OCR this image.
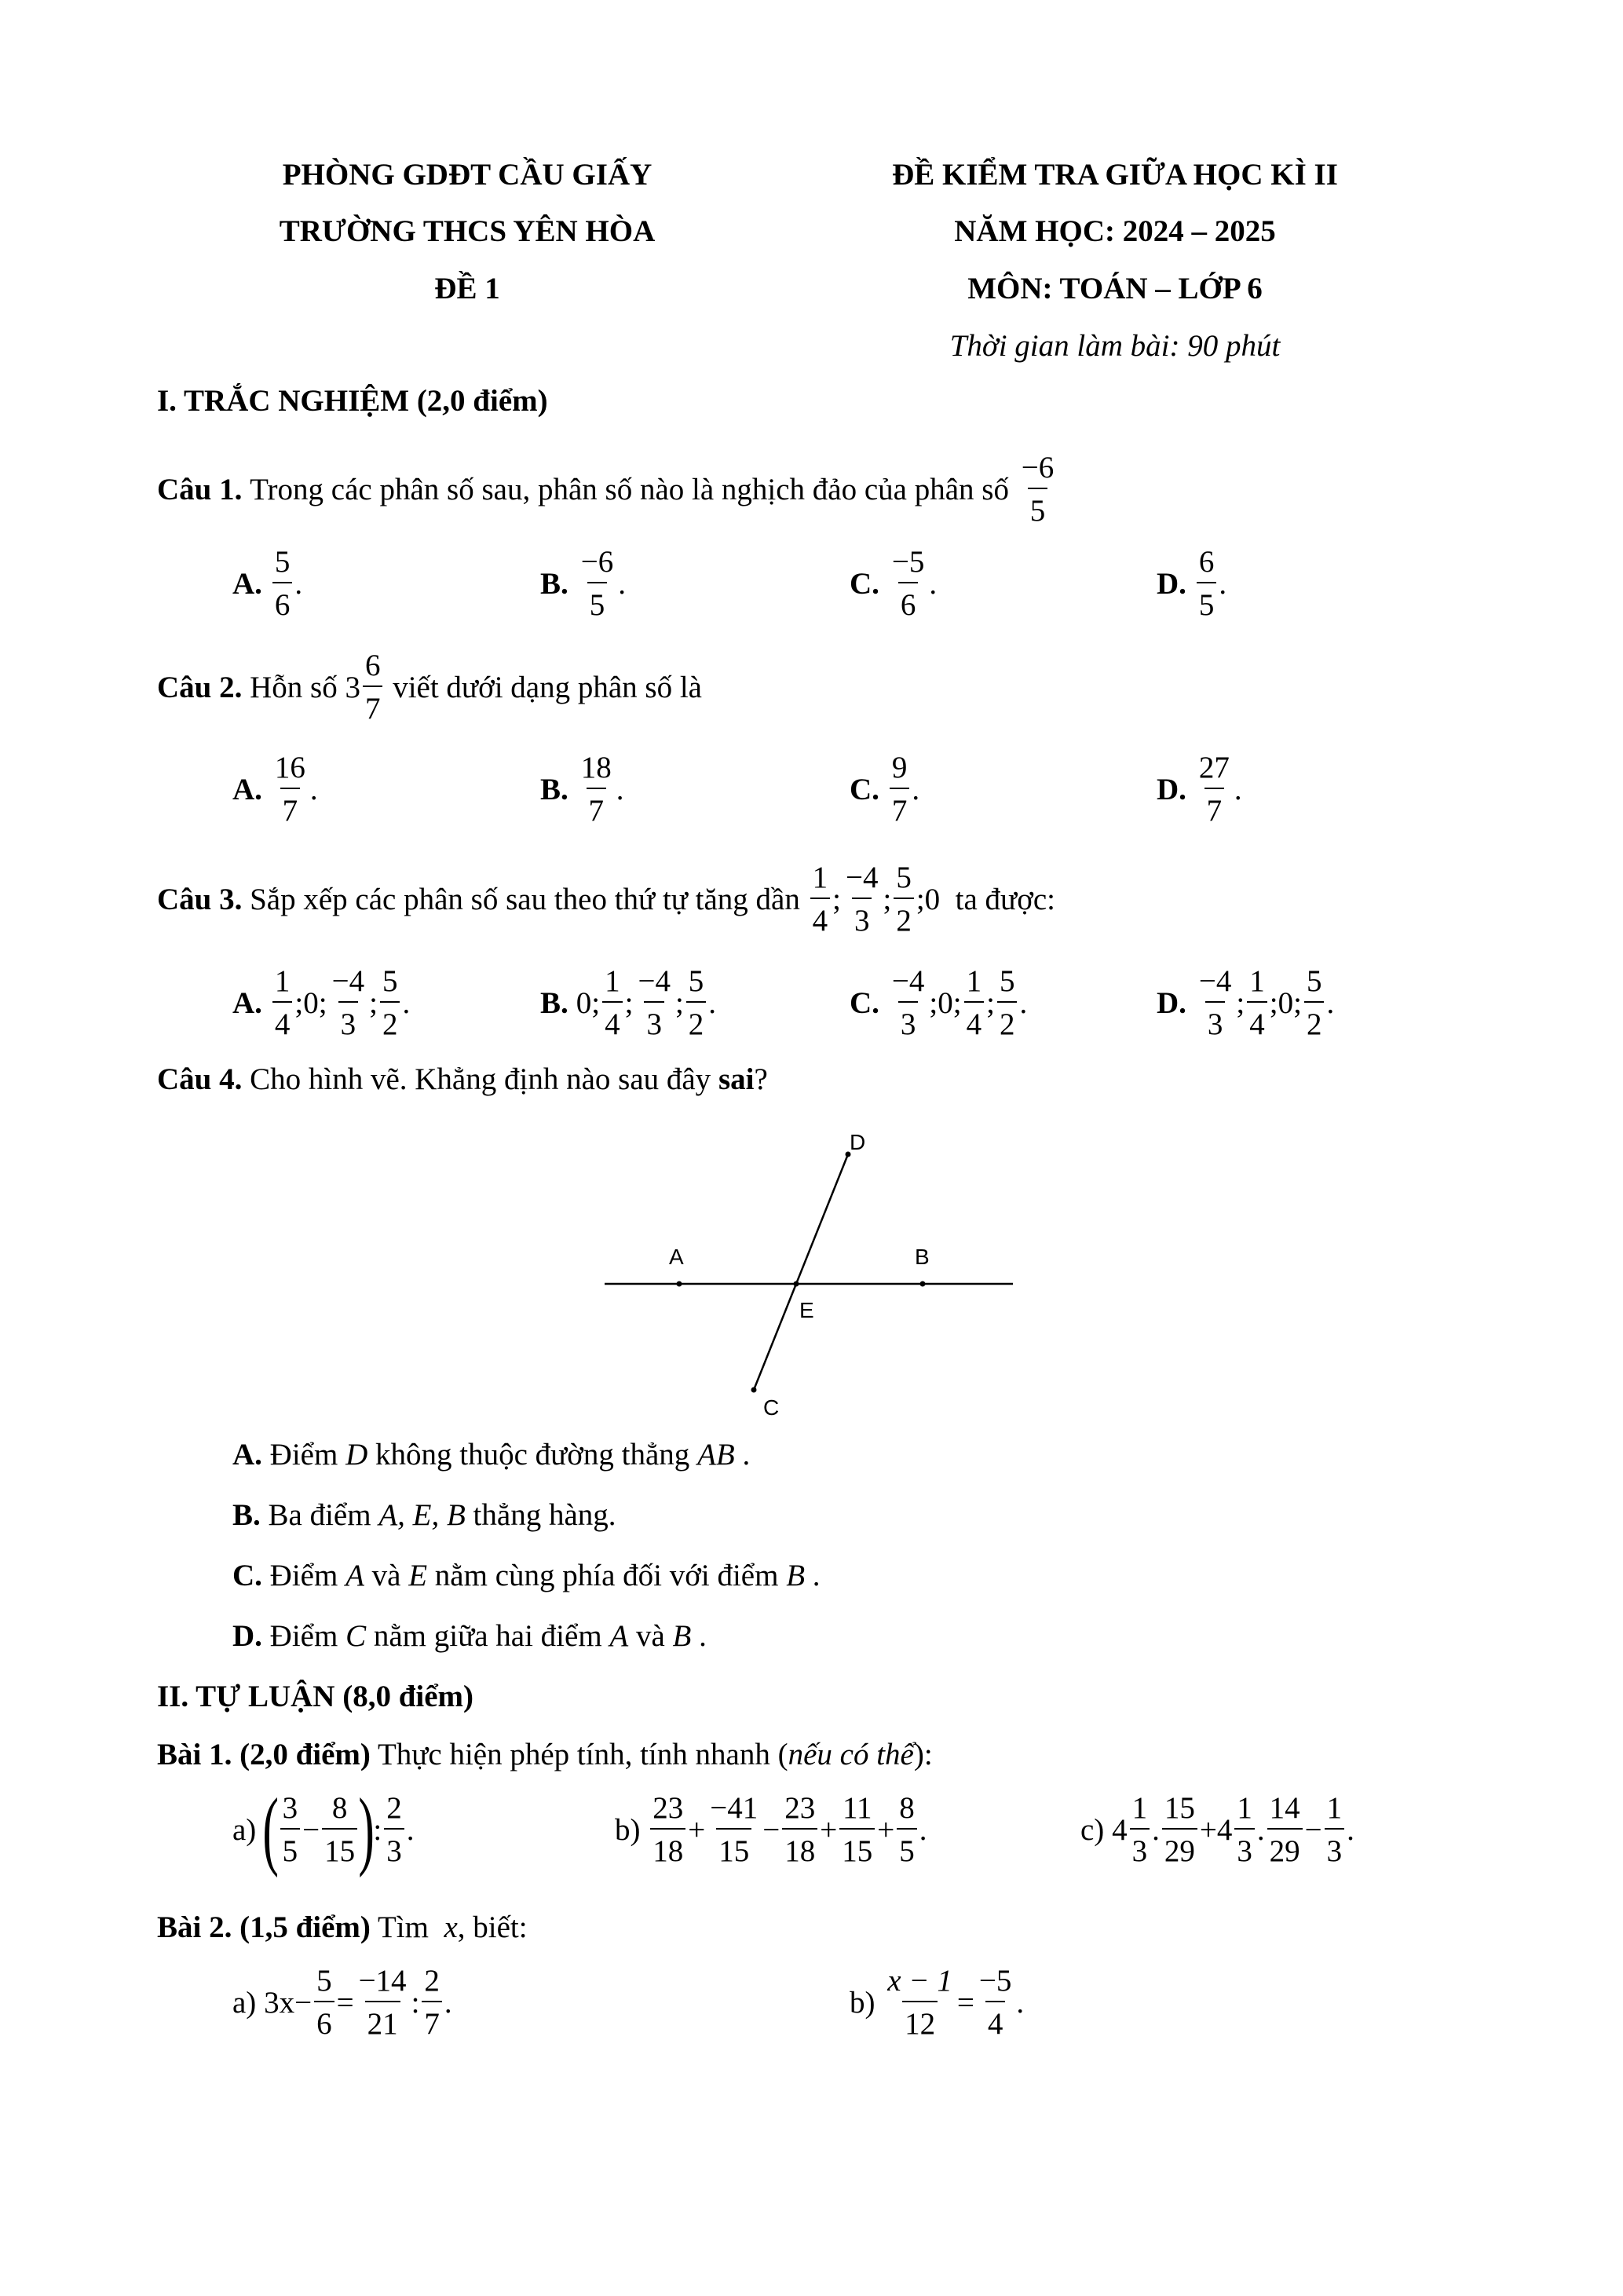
PHÒNG GDĐT CẦU GIẤY
TRƯỜNG THCS YÊN HÒA
ĐỀ 1
ĐỀ KIỂM TRA GIỮA HỌC KÌ II
NĂM HỌC: 2024 – 2025
MÔN: TOÁN – LỚP 6
Thời gian làm bài: 90 phút
I. TRẮC NGHIỆM (2,0 điểm)
Câu 1.
Trong các phân số sau, phân số nào là nghịch đảo của phân số
$\frac{-6}{5}$
A. $\frac{5}{6}$ .	B. $\frac{-6}{5}$ .	C. $\frac{-5}{6}$ .	D. $\frac{6}{5}$ .
Câu 2.
Hỗn số
$3 \frac{6}{7}$
viết dưới dạng phân số là
A. $\frac{16}{7}$ .	B. $\frac{18}{7}$ .	C. $\frac{9}{7}$ .	D. $\frac{27}{7}$ .
Câu 3.
Sắp xếp các phân số sau theo thứ tự tăng dần
$\frac{1}{4}$ ; $\frac{-4}{3}$ ; $\frac{5}{2}$ ; 0
ta được:
A. $\frac{1}{4}$ ; 0 ; $\frac{-4}{3}$ ; $\frac{5}{2}$ .	B. 0 ; $\frac{1}{4}$ ; $\frac{-4}{3}$ ; $\frac{5}{2}$ .	C. $\frac{-4}{3}$ ; 0 ; $\frac{1}{4}$ ; $\frac{5}{2}$ .	D. $\frac{-4}{3}$ ; $\frac{1}{4}$ ; 0 ; $\frac{5}{2}$ .
Câu 4. Cho hình vẽ. Khẳng định nào sau đây sai?
A	B
E
C
D
A. Điểm D không thuộc đường thẳng AB .
B. Ba điểm A, E, B thẳng hàng.
C. Điểm A và E nằm cùng phía đối với điểm B .
D. Điểm C nằm giữa hai điểm A và B .
II. TỰ LUẬN (8,0 điểm)
Bài 1. (2,0 điểm) Thực hiện phép tính, tính nhanh (nếu có thể):
a) ( $\frac{3}{5} - \frac{8}{15}$ )
: $\frac{2}{3}$ .	b)
$\frac{23}{18} + \frac{-41}{15} - \frac{23}{18} + \frac{11}{15} + \frac{8}{5}$ .	c)
$4 \frac{1}{3}$ . $\frac{15}{29} + 4 \frac{1}{3}$ . $\frac{14}{29} - \frac{1}{3}$ .
Bài 2. (1,5 điểm) Tìm x, biết:
a)
$3x - \frac{5}{6} = \frac{-14}{21}$ : $\frac{2}{7}$ .	b)
$\frac{x - 1}{12} = \frac{-5}{4}$ .
